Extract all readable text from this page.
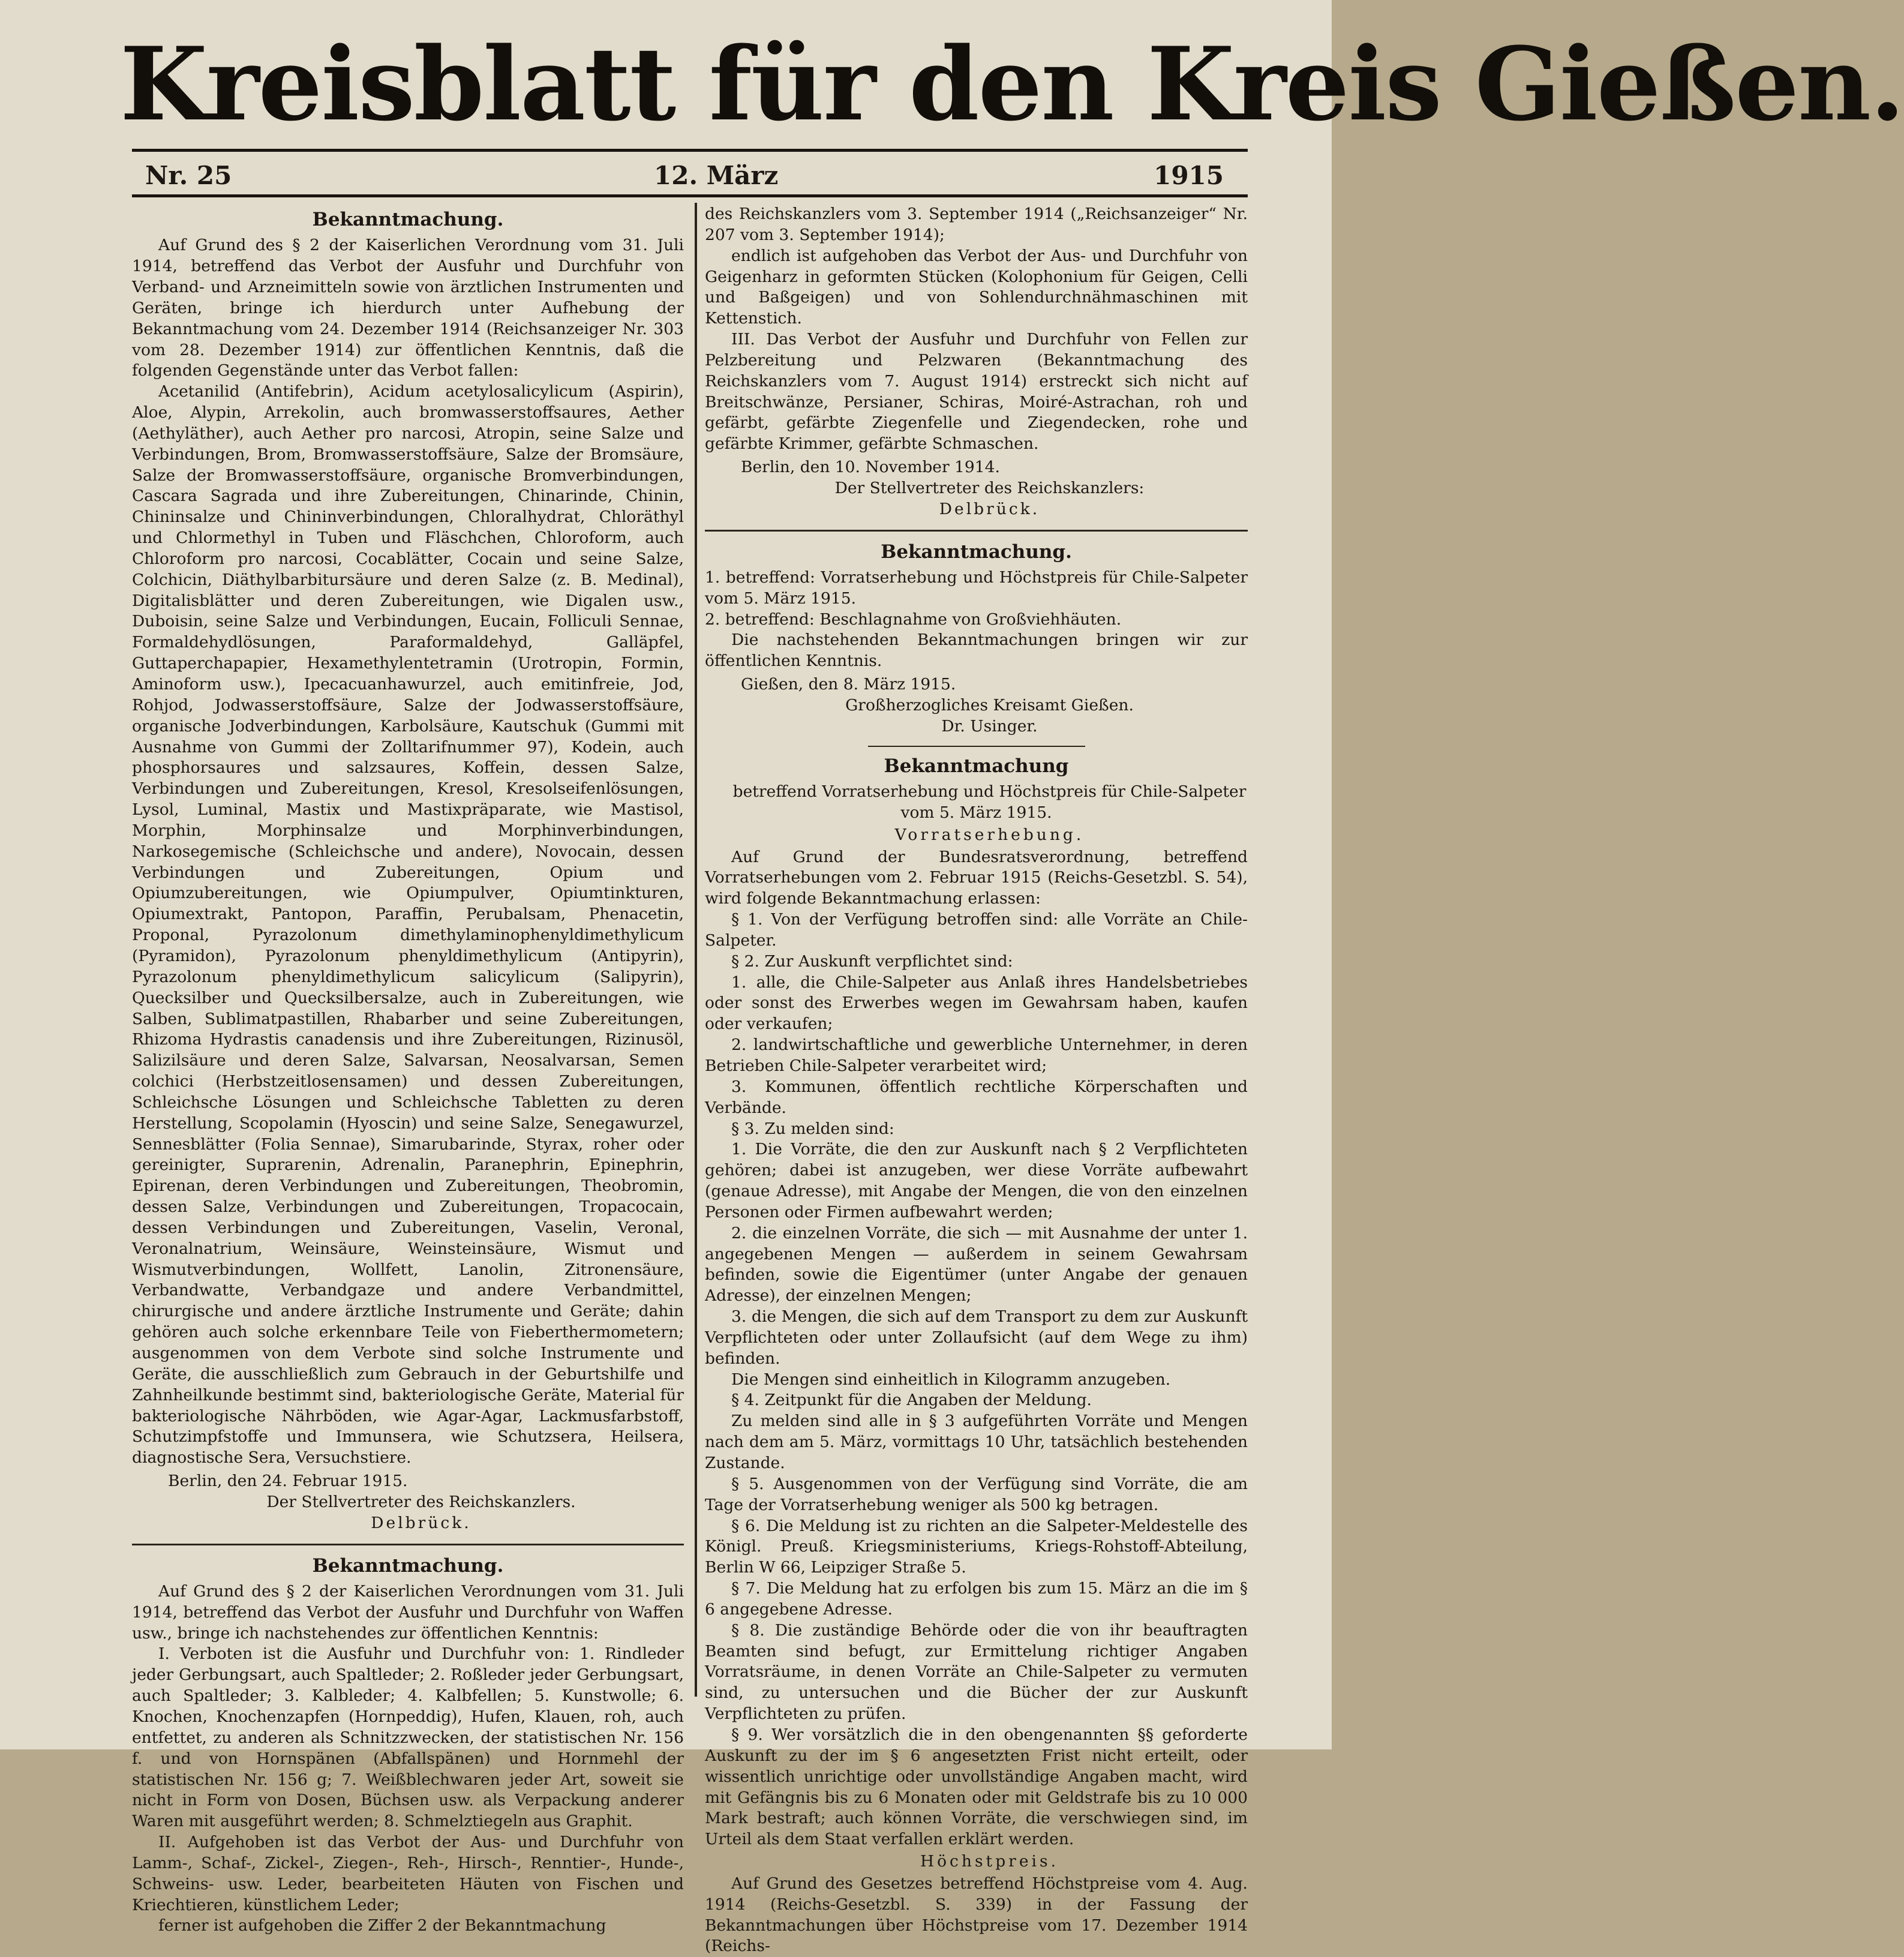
Kreisblatt für den Kreis Gießen.
Nr. 25	12. März	1915
Bekanntmachung.

Auf Grund des § 2 der Kaiserlichen Verordnung vom 31. Juli 1914, betreffend das Verbot der Ausfuhr und Durchfuhr von Verband- und Arzneimitteln sowie von ärztlichen Instrumenten und Geräten, bringe ich hierdurch unter Aufhebung der Bekanntmachung vom 24. Dezember 1914 (Reichsanzeiger Nr. 303 vom 28. Dezember 1914) zur öffentlichen Kenntnis, daß die folgenden Gegenstände unter das Verbot fallen:

Acetanilid (Antifebrin), Acidum acetylosalicylicum (Aspirin), Aloe, Alypin, Arrekolin, auch bromwasserstoffsaures, Aether (Aethyläther), auch Aether pro narcosi, Atropin, seine Salze und Verbindungen, Brom, Bromwasserstoffsäure, Salze der Bromsäure, Salze der Bromwasserstoffsäure, organische Bromverbindungen, Cascara Sagrada und ihre Zubereitungen, Chinarinde, Chinin, Chininsalze und Chininverbindungen, Chloralhydrat, Chloräthyl und Chlormethyl in Tuben und Fläschchen, Chloroform, auch Chloroform pro narcosi, Cocablätter, Cocain und seine Salze, Colchicin, Diäthylbarbitursäure und deren Salze (z. B. Medinal), Digitalisblätter und deren Zubereitungen, wie Digalen usw., Duboisin, seine Salze und Verbindungen, Eucain, Folliculi Sennae, Formaldehydlösungen, Paraformaldehyd, Galläpfel, Guttaperchapapier, Hexamethylentetramin (Urotropin, Formin, Aminoform usw.), Ipecacuanhawurzel, auch emitinfreie, Jod, Rohjod, Jodwasserstoffsäure, Salze der Jodwasserstoffsäure, organische Jodverbindungen, Karbolsäure, Kautschuk (Gummi mit Ausnahme von Gummi der Zolltarifnummer 97), Kodein, auch phosphorsaures und salzsaures, Koffein, dessen Salze, Verbindungen und Zubereitungen, Kresol, Kresolseifenlösungen, Lysol, Luminal, Mastix und Mastixpräparate, wie Mastisol, Morphin, Morphinsalze und Morphinverbindungen, Narkosegemische (Schleichsche und andere), Novocain, dessen Verbindungen und Zubereitungen, Opium und Opiumzubereitungen, wie Opiumpulver, Opiumtinkturen, Opiumextrakt, Pantopon, Paraffin, Perubalsam, Phenacetin, Proponal, Pyrazolonum dimethylaminophenyldimethylicum (Pyramidon), Pyrazolonum phenyldimethylicum (Antipyrin), Pyrazolonum phenyldimethylicum salicylicum (Salipyrin), Quecksilber und Quecksilbersalze, auch in Zubereitungen, wie Salben, Sublimatpastillen, Rhabarber und seine Zubereitungen, Rhizoma Hydrastis canadensis und ihre Zubereitungen, Rizinusöl, Salizilsäure und deren Salze, Salvarsan, Neosalvarsan, Semen colchici (Herbstzeitlosensamen) und dessen Zubereitungen, Schleichsche Lösungen und Schleichsche Tabletten zu deren Herstellung, Scopolamin (Hyoscin) und seine Salze, Senegawurzel, Sennesblätter (Folia Sennae), Simarubarinde, Styrax, roher oder gereinigter, Suprarenin, Adrenalin, Paranephrin, Epinephrin, Epirenan, deren Verbindungen und Zubereitungen, Theobromin, dessen Salze, Verbindungen und Zubereitungen, Tropacocain, dessen Verbindungen und Zubereitungen, Vaselin, Veronal, Veronalnatrium, Weinsäure, Weinsteinsäure, Wismut und Wismutverbindungen, Wollfett, Lanolin, Zitronensäure, Verbandwatte, Verbandgaze und andere Verbandmittel, chirurgische und andere ärztliche Instrumente und Geräte; dahin gehören auch solche erkennbare Teile von Fieberthermometern; ausgenommen von dem Verbote sind solche Instrumente und Geräte, die ausschließlich zum Gebrauch in der Geburtshilfe und Zahnheilkunde bestimmt sind, bakteriologische Geräte, Material für bakteriologische Nährböden, wie Agar-Agar, Lackmusfarbstoff, Schutzimpfstoffe und Immunsera, wie Schutzsera, Heilsera, diagnostische Sera, Versuchstiere.

Berlin, den 24. Februar 1915.

Der Stellvertreter des Reichskanzlers.

Delbrück.

Bekanntmachung.

Auf Grund des § 2 der Kaiserlichen Verordnungen vom 31. Juli 1914, betreffend das Verbot der Ausfuhr und Durchfuhr von Waffen usw., bringe ich nachstehendes zur öffentlichen Kenntnis:

I. Verboten ist die Ausfuhr und Durchfuhr von: 1. Rindleder jeder Gerbungsart, auch Spaltleder; 2. Roßleder jeder Gerbungsart, auch Spaltleder; 3. Kalbleder; 4. Kalbfellen; 5. Kunstwolle; 6. Knochen, Knochenzapfen (Hornpeddig), Hufen, Klauen, roh, auch entfettet, zu anderen als Schnitzzwecken, der statistischen Nr. 156 f. und von Hornspänen (Abfallspänen) und Hornmehl der statistischen Nr. 156 g; 7. Weißblechwaren jeder Art, soweit sie nicht in Form von Dosen, Büchsen usw. als Verpackung anderer Waren mit ausgeführt werden; 8. Schmelztiegeln aus Graphit.

II. Aufgehoben ist das Verbot der Aus- und Durchfuhr von Lamm-, Schaf-, Zickel-, Ziegen-, Reh-, Hirsch-, Renntier-, Hunde-, Schweins- usw. Leder, bearbeiteten Häuten von Fischen und Kriechtieren, künstlichem Leder;

ferner ist aufgehoben die Ziffer 2 der Bekanntmachung

des Reichskanzlers vom 3. September 1914 („Reichsanzeiger“ Nr. 207 vom 3. September 1914);

endlich ist aufgehoben das Verbot der Aus- und Durchfuhr von Geigenharz in geformten Stücken (Kolophonium für Geigen, Celli und Baßgeigen) und von Sohlendurchnähmaschinen mit Kettenstich.

III. Das Verbot der Ausfuhr und Durchfuhr von Fellen zur Pelzbereitung und Pelzwaren (Bekanntmachung des Reichskanzlers vom 7. August 1914) erstreckt sich nicht auf Breitschwänze, Persianer, Schiras, Moiré-Astrachan, roh und gefärbt, gefärbte Ziegenfelle und Ziegendecken, rohe und gefärbte Krimmer, gefärbte Schmaschen.

Berlin, den 10. November 1914.

Der Stellvertreter des Reichskanzlers:

Delbrück.

Bekanntmachung.

1. betreffend: Vorratserhebung und Höchstpreis für Chile-Salpeter vom 5. März 1915.

2. betreffend: Beschlagnahme von Großviehhäuten.

Die nachstehenden Bekanntmachungen bringen wir zur öffentlichen Kenntnis.

Gießen, den 8. März 1915.

Großherzogliches Kreisamt Gießen.

Dr. Usinger.

Bekanntmachung

betreffend Vorratserhebung und Höchstpreis für Chile-Salpeter vom 5. März 1915.

Vorratserhebung.

Auf Grund der Bundesratsverordnung, betreffend Vorratserhebungen vom 2. Februar 1915 (Reichs-Gesetzbl. S. 54), wird folgende Bekanntmachung erlassen:

§ 1. Von der Verfügung betroffen sind: alle Vorräte an Chile-Salpeter.

§ 2. Zur Auskunft verpflichtet sind:

1. alle, die Chile-Salpeter aus Anlaß ihres Handelsbetriebes oder sonst des Erwerbes wegen im Gewahrsam haben, kaufen oder verkaufen;

2. landwirtschaftliche und gewerbliche Unternehmer, in deren Betrieben Chile-Salpeter verarbeitet wird;

3. Kommunen, öffentlich rechtliche Körperschaften und Verbände.

§ 3. Zu melden sind:

1. Die Vorräte, die den zur Auskunft nach § 2 Verpflichteten gehören; dabei ist anzugeben, wer diese Vorräte aufbewahrt (genaue Adresse), mit Angabe der Mengen, die von den einzelnen Personen oder Firmen aufbewahrt werden;

2. die einzelnen Vorräte, die sich — mit Ausnahme der unter 1. angegebenen Mengen — außerdem in seinem Gewahrsam befinden, sowie die Eigentümer (unter Angabe der genauen Adresse), der einzelnen Mengen;

3. die Mengen, die sich auf dem Transport zu dem zur Auskunft Verpflichteten oder unter Zollaufsicht (auf dem Wege zu ihm) befinden.

Die Mengen sind einheitlich in Kilogramm anzugeben.

§ 4. Zeitpunkt für die Angaben der Meldung.

Zu melden sind alle in § 3 aufgeführten Vorräte und Mengen nach dem am 5. März, vormittags 10 Uhr, tatsächlich bestehenden Zustande.

§ 5. Ausgenommen von der Verfügung sind Vorräte, die am Tage der Vorratserhebung weniger als 500 kg betragen.

§ 6. Die Meldung ist zu richten an die Salpeter-Meldestelle des Königl. Preuß. Kriegsministeriums, Kriegs-Rohstoff-Abteilung, Berlin W 66, Leipziger Straße 5.

§ 7. Die Meldung hat zu erfolgen bis zum 15. März an die im § 6 angegebene Adresse.

§ 8. Die zuständige Behörde oder die von ihr beauftragten Beamten sind befugt, zur Ermittelung richtiger Angaben Vorratsräume, in denen Vorräte an Chile-Salpeter zu vermuten sind, zu untersuchen und die Bücher der zur Auskunft Verpflichteten zu prüfen.

§ 9. Wer vorsätzlich die in den obengenannten §§ geforderte Auskunft zu der im § 6 angesetzten Frist nicht erteilt, oder wissentlich unrichtige oder unvollständige Angaben macht, wird mit Gefängnis bis zu 6 Monaten oder mit Geldstrafe bis zu 10 000 Mark bestraft; auch können Vorräte, die verschwiegen sind, im Urteil als dem Staat verfallen erklärt werden.

Höchstpreis.

Auf Grund des Gesetzes betreffend Höchstpreise vom 4. Aug. 1914 (Reichs-Gesetzbl. S. 339) in der Fassung der Bekanntmachungen über Höchstpreise vom 17. Dezember 1914 (Reichs-
